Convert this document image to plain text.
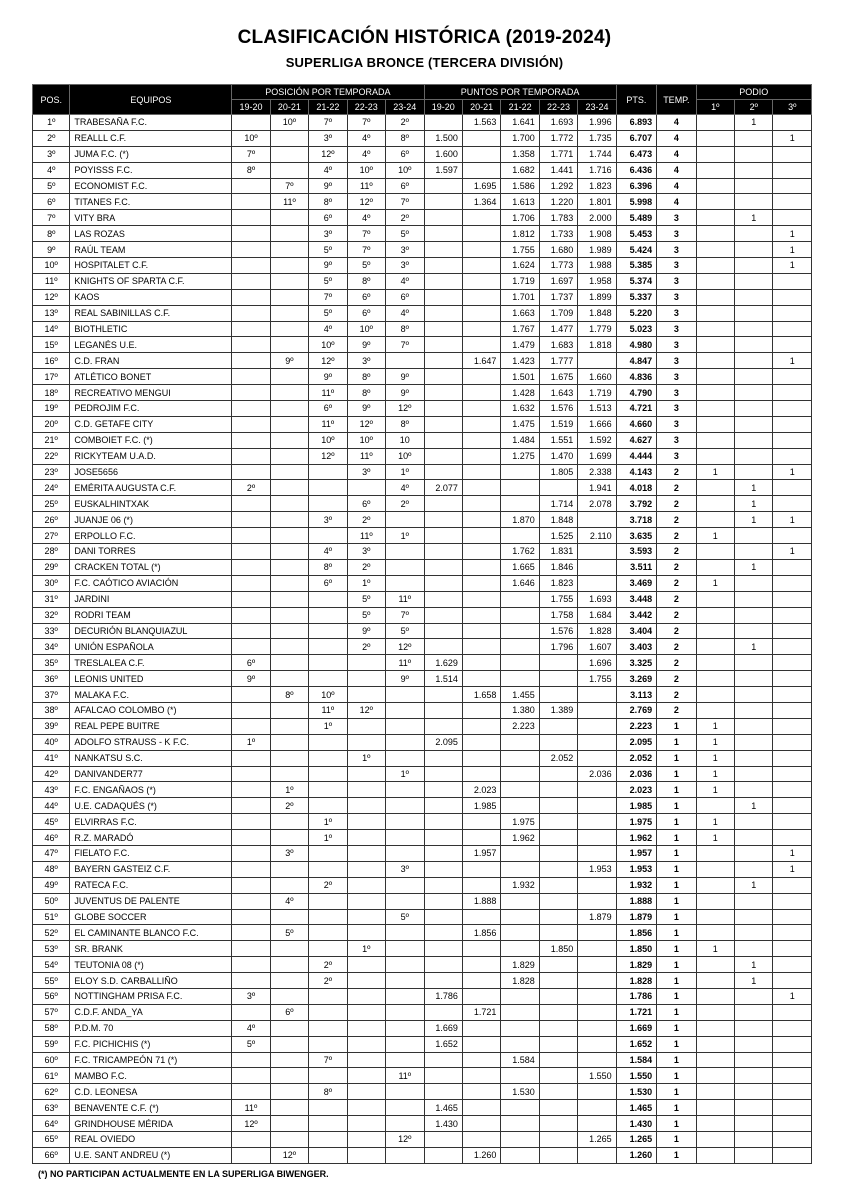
CLASIFICACIÓN HISTÓRICA (2019-2024)
SUPERLIGA BRONCE (TERCERA DIVISIÓN)
POS.	EQUIPOS	POSICIÓN POR TEMPORADA					PUNTOS POR TEMPORADA					PTS.	TEMP.	PODIO		
		19-20	20-21	21-22	22-23	23-24	19-20	20-21	21-22	22-23	23-24			1º	2º	3º
1º	TRABESAÑA F.C.		10º	7º	7º	2º		1.563	1.641	1.693	1.996	6.893	4		1	
2º	REALLL C.F.	10º		3º	4º	8º	1.500		1.700	1.772	1.735	6.707	4			1
3º	JUMA F.C. (*)	7º		12º	4º	6º	1.600		1.358	1.771	1.744	6.473	4			
4º	POYISSS F.C.	8º		4º	10º	10º	1.597		1.682	1.441	1.716	6.436	4			
5º	ECONOMIST F.C.		7º	9º	11º	6º		1.695	1.586	1.292	1.823	6.396	4			
6º	TITANES F.C.		11º	8º	12º	7º		1.364	1.613	1.220	1.801	5.998	4			
7º	VITY BRA			6º	4º	2º			1.706	1.783	2.000	5.489	3		1	
8º	LAS ROZAS			3º	7º	5º			1.812	1.733	1.908	5.453	3			1
9º	RAÚL TEAM			5º	7º	3º			1.755	1.680	1.989	5.424	3			1
10º	HOSPITALET C.F.			9º	5º	3º			1.624	1.773	1.988	5.385	3			1
11º	KNIGHTS OF SPARTA C.F.			5º	8º	4º			1.719	1.697	1.958	5.374	3			
12º	KAOS			7º	6º	6º			1.701	1.737	1.899	5.337	3			
13º	REAL SABINILLAS C.F.			5º	6º	4º			1.663	1.709	1.848	5.220	3			
14º	BIOTHLETIC			4º	10º	8º			1.767	1.477	1.779	5.023	3			
15º	LEGANÉS U.E.			10º	9º	7º			1.479	1.683	1.818	4.980	3			
16º	C.D. FRAN		9º	12º	3º			1.647	1.423	1.777		4.847	3			1
17º	ATLÉTICO BONET			9º	8º	9º			1.501	1.675	1.660	4.836	3			
18º	RECREATIVO MENGUI			11º	8º	9º			1.428	1.643	1.719	4.790	3			
19º	PEDROJIM F.C.			6º	9º	12º			1.632	1.576	1.513	4.721	3			
20º	C.D. GETAFE CITY			11º	12º	8º			1.475	1.519	1.666	4.660	3			
21º	COMBOIET F.C. (*)			10º	10º	10			1.484	1.551	1.592	4.627	3			
22º	RICKYTEAM U.A.D.			12º	11º	10º			1.275	1.470	1.699	4.444	3			
23º	JOSE5656				3º	1º				1.805	2.338	4.143	2	1		1
24º	EMÉRITA AUGUSTA C.F.	2º				4º	2.077				1.941	4.018	2		1	
25º	EUSKALHINTXAK				6º	2º				1.714	2.078	3.792	2		1	
26º	JUANJE 06 (*)			3º	2º				1.870	1.848		3.718	2		1	1
27º	ERPOLLO F.C.				11º	1º				1.525	2.110	3.635	2	1		
28º	DANI TORRES			4º	3º				1.762	1.831		3.593	2			1
29º	CRACKEN TOTAL (*)			8º	2º				1.665	1.846		3.511	2		1	
30º	F.C. CAÓTICO AVIACIÓN			6º	1º				1.646	1.823		3.469	2	1		
31º	JARDINI				5º	11º				1.755	1.693	3.448	2			
32º	RODRI TEAM				5º	7º				1.758	1.684	3.442	2			
33º	DECURIÓN BLANQUIAZUL				9º	5º				1.576	1.828	3.404	2			
34º	UNIÓN ESPAÑOLA				2º	12º				1.796	1.607	3.403	2		1	
35º	TRESLALEA C.F.	6º				11º	1.629				1.696	3.325	2			
36º	LEONIS UNITED	9º				9º	1.514				1.755	3.269	2			
37º	MALAKA F.C.		8º	10º				1.658	1.455			3.113	2			
38º	AFALCAO COLOMBO (*)			11º	12º				1.380	1.389		2.769	2			
39º	REAL PEPE BUITRE			1º					2.223			2.223	1	1		
40º	ADOLFO STRAUSS - K F.C.	1º					2.095					2.095	1	1		
41º	NANKATSU S.C.				1º					2.052		2.052	1	1		
42º	DANIVANDER77					1º					2.036	2.036	1	1		
43º	F.C. ENGAÑAOS (*)		1º					2.023				2.023	1	1		
44º	U.E. CADAQUÉS (*)		2º					1.985				1.985	1		1	
45º	ELVIRRAS F.C.			1º					1.975			1.975	1	1		
46º	R.Z. MARADÓ			1º					1.962			1.962	1	1		
47º	FIELATO F.C.		3º					1.957				1.957	1			1
48º	BAYERN GASTEIZ C.F.					3º					1.953	1.953	1			1
49º	RATECA F.C.			2º					1.932			1.932	1		1	
50º	JUVENTUS DE PALENTE		4º					1.888				1.888	1			
51º	GLOBE SOCCER					5º					1.879	1.879	1			
52º	EL CAMINANTE BLANCO F.C.		5º					1.856				1.856	1			
53º	SR. BRANK				1º					1.850		1.850	1	1		
54º	TEUTONIA 08 (*)			2º					1.829			1.829	1		1	
55º	ELOY S.D. CARBALLIÑO			2º					1.828			1.828	1		1	
56º	NOTTINGHAM PRISA F.C.	3º					1.786					1.786	1			1
57º	C.D.F. ANDA_YA		6º					1.721				1.721	1			
58º	P.D.M. 70	4º					1.669					1.669	1			
59º	F.C. PICHICHIS (*)	5º					1.652					1.652	1			
60º	F.C. TRICAMPEÓN 71 (*)			7º					1.584			1.584	1			
61º	MAMBO F.C.					11º					1.550	1.550	1			
62º	C.D. LEONESA			8º					1.530			1.530	1			
63º	BENAVENTE C.F. (*)	11º					1.465					1.465	1			
64º	GRINDHOUSE MÉRIDA	12º					1.430					1.430	1			
65º	REAL OVIEDO					12º					1.265	1.265	1			
66º	U.E. SANT ANDREU (*)		12º					1.260				1.260	1			
(*) NO PARTICIPAN ACTUALMENTE EN LA SUPERLIGA BIWENGER.
